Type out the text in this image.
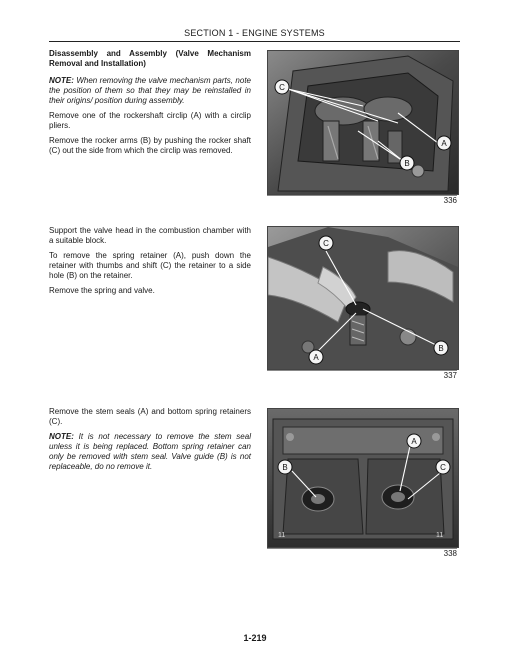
SECTION 1 - ENGINE SYSTEMS

Disassembly and Assembly (Valve Mechanism Removal and Installation)

NOTE: When removing the valve mechanism parts, note the position of them so that they may be reinstalled in their origins/ position during assembly.

Remove one of the rockershaft circlip (A) with a circlip pliers.

Remove the rocker arms (B) by pushing the rocker shaft (C) out the side from which the circlip was removed.

C
A
B
336

Support the valve head in the combustion chamber with a suitable block.

To remove the spring retainer (A), push down the retainer with thumbs and shift (C) the retainer to a side hole (B) on the retainer.

Remove the spring and valve.

C
A
B
337

Remove the stem seals (A) and bottom spring retainers (C).

NOTE: It is not necessary to remove the stem seal unless it is being replaced. Bottom spring retainer can only be removed with stem seal. Valve guide (B) is not replaceable, do no remove it.

11	11
A
B	C
338
1-219
